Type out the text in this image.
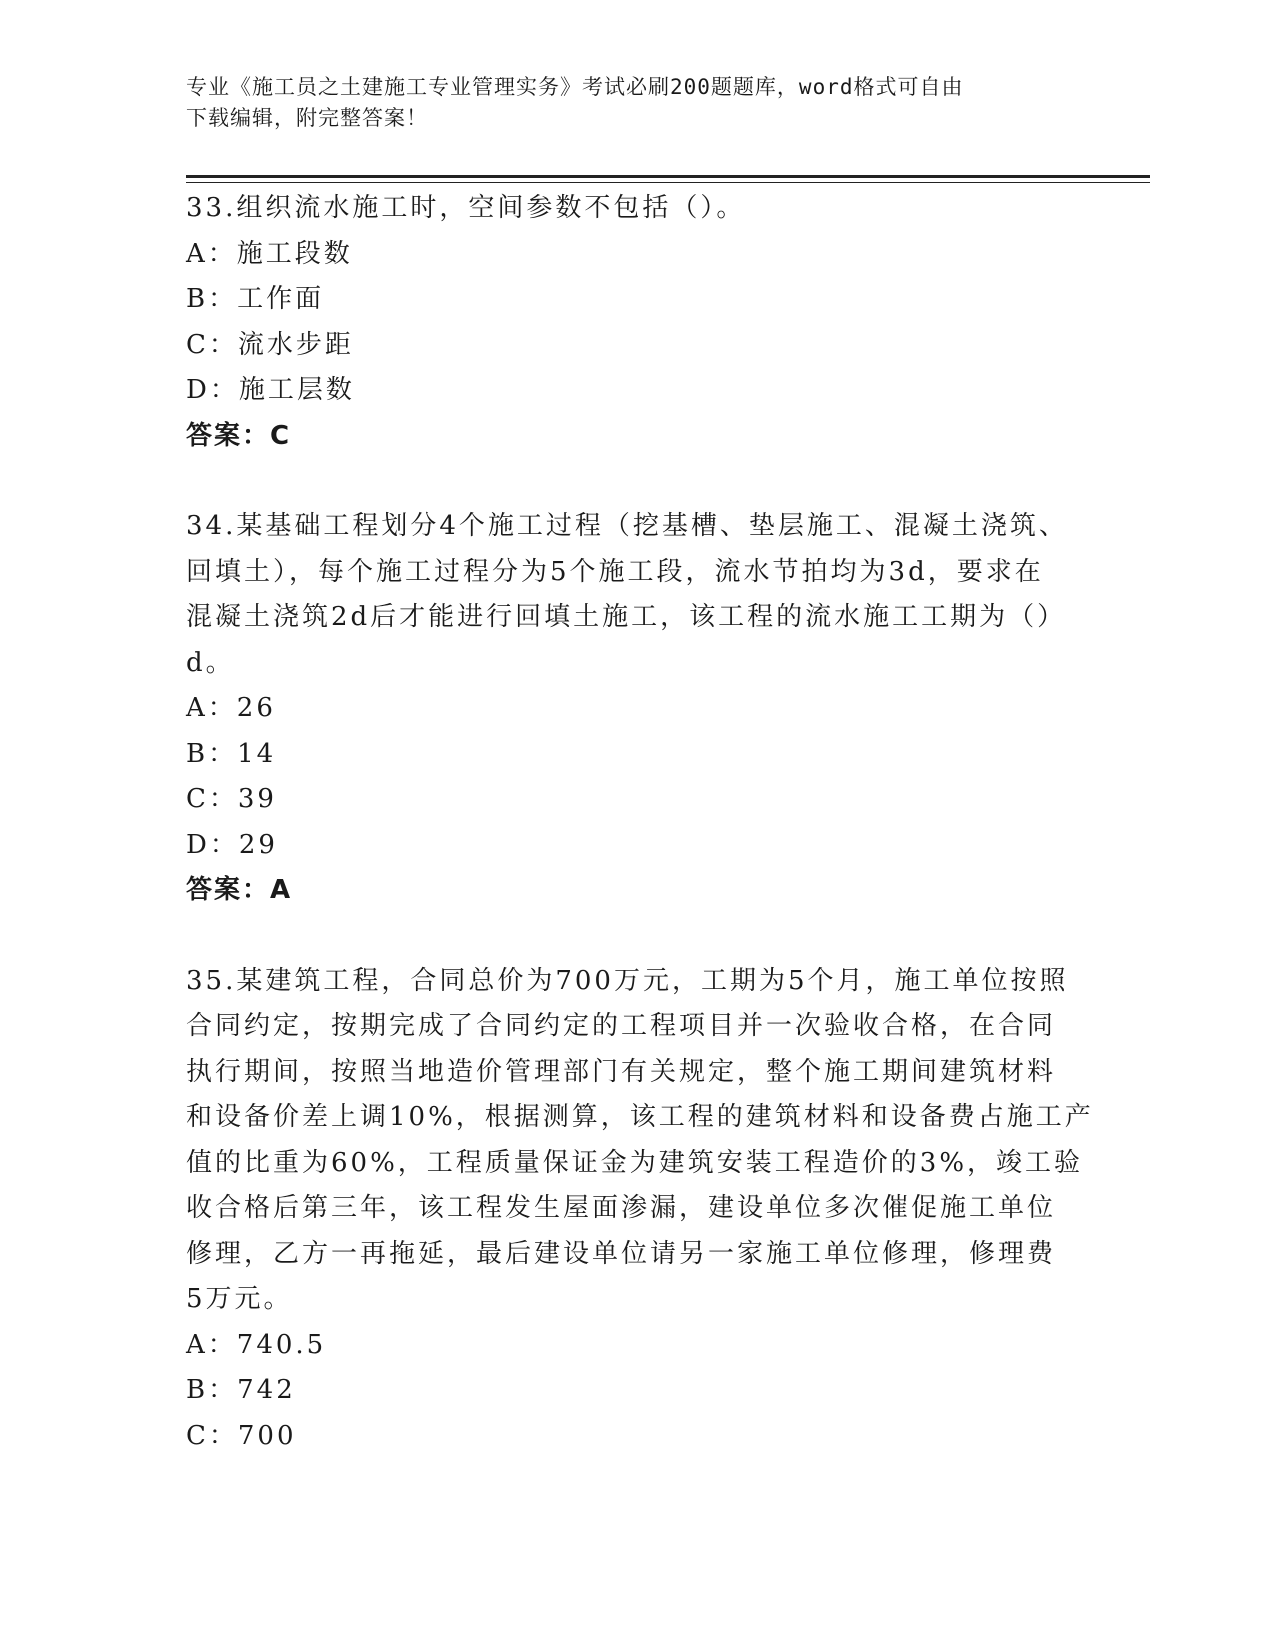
专业《施工员之土建施工专业管理实务》考试必刷200题题库，word格式可自由
下载编辑，附完整答案！

33.组织流水施工时，空间参数不包括（）。

A：施工段数

B：工作面

C：流水步距

D：施工层数

答案：C

34.某基础工程划分4个施工过程（挖基槽、垫层施工、混凝土浇筑、

回填土），每个施工过程分为5个施工段，流水节拍均为3d，要求在

混凝土浇筑2d后才能进行回填土施工，该工程的流水施工工期为（）

d。

A：26

B：14

C：39

D：29

答案：A

35.某建筑工程，合同总价为700万元，工期为5个月，施工单位按照

合同约定，按期完成了合同约定的工程项目并一次验收合格，在合同

执行期间，按照当地造价管理部门有关规定，整个施工期间建筑材料

和设备价差上调10%，根据测算，该工程的建筑材料和设备费占施工产

值的比重为60%，工程质量保证金为建筑安装工程造价的3%，竣工验

收合格后第三年，该工程发生屋面渗漏，建设单位多次催促施工单位

修理，乙方一再拖延，最后建设单位请另一家施工单位修理，修理费

5万元。

A：740.5

B：742

C：700
